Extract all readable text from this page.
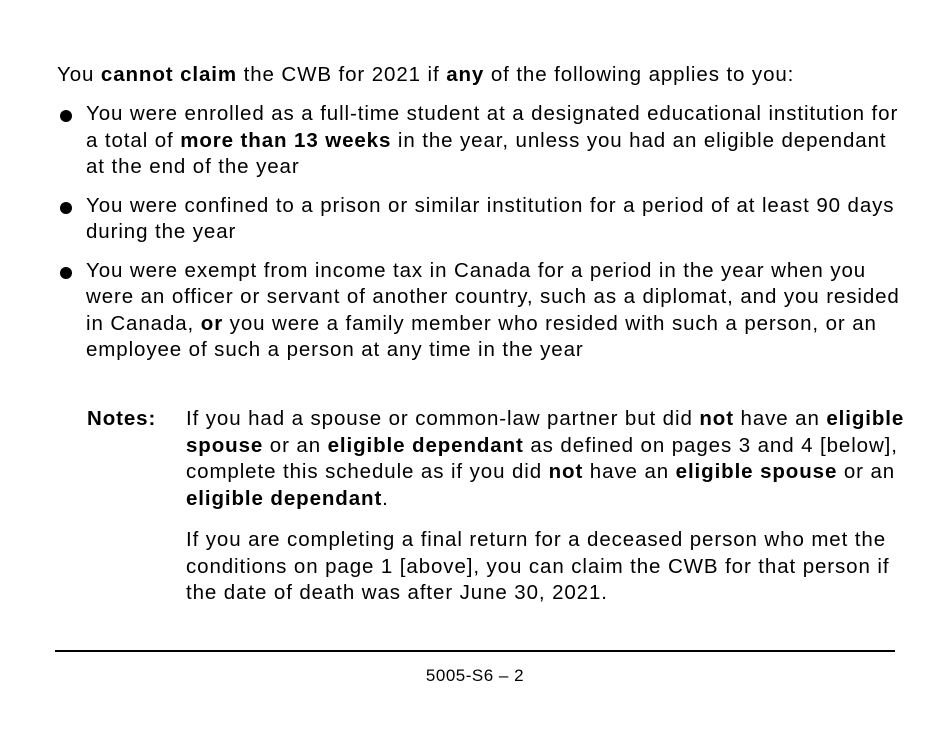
You cannot claim the CWB for 2021 if any of the following applies to you:

You were enrolled as a full-time student at a designated educational institution for a total of more than 13 weeks in the year, unless you had an eligible dependant at the end of the year
You were confined to a prison or similar institution for a period of at least 90 days during the year
You were exempt from income tax in Canada for a period in the year when you were an officer or servant of another country, such as a diplomat, and you resided in Canada, or you were a family member who resided with such a person, or an employee of such a person at any time in the year

Notes: If you had a spouse or common-law partner but did not have an eligible spouse or an eligible dependant as defined on pages 3 and 4 [below], complete this schedule as if you did not have an eligible spouse or an eligible dependant.

If you are completing a final return for a deceased person who met the conditions on page 1 [above], you can claim the CWB for that person if the date of death was after June 30, 2021.

5005-S6 – 2
